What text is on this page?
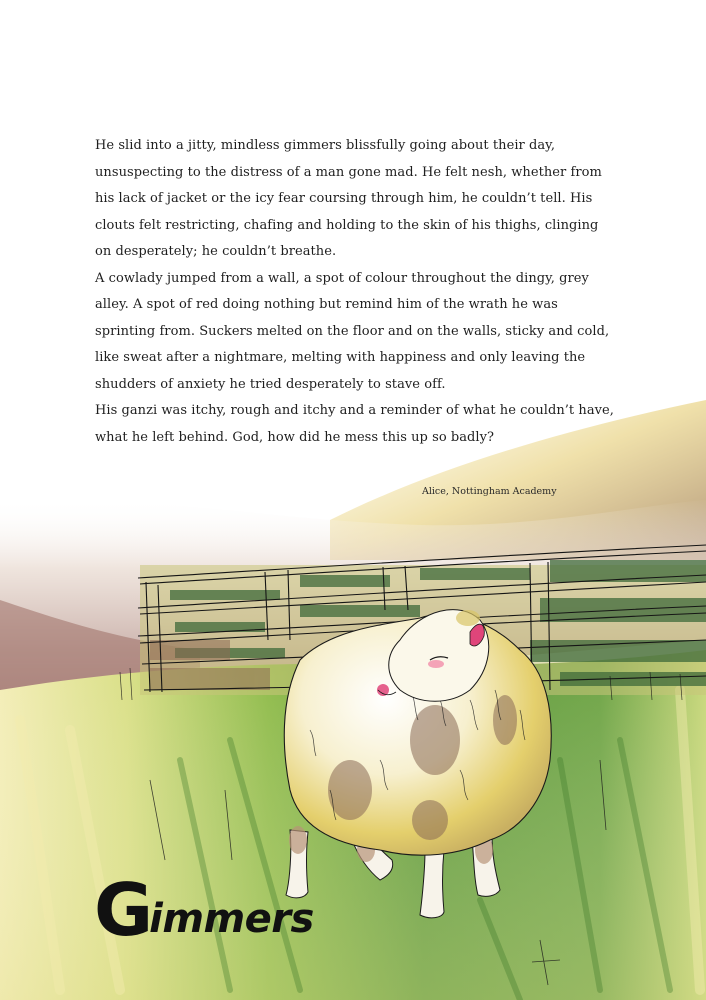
He slid into a jitty, mindless gimmers blissfully going about their day, unsuspecting to the distress of a man gone mad. He felt nesh, whether from his lack of jacket or the icy fear coursing through him, he couldn’t tell. His clouts felt restricting, chafing and holding to the skin of his thighs, clinging on desperately; he couldn’t breathe.

A cowlady jumped from a wall, a spot of colour throughout the dingy, grey alley. A spot of red doing nothing but remind him of the wrath he was sprinting from. Suckers melted on the floor and on the walls, sticky and cold, like sweat after a nightmare, melting with happiness and only leaving the shudders of anxiety he tried desperately to stave off.

His ganzi was itchy, rough and itchy and a reminder of what he couldn’t have, what he left behind. God, how did he mess this up so badly?

Alice, Nottingham Academy
G
immers
